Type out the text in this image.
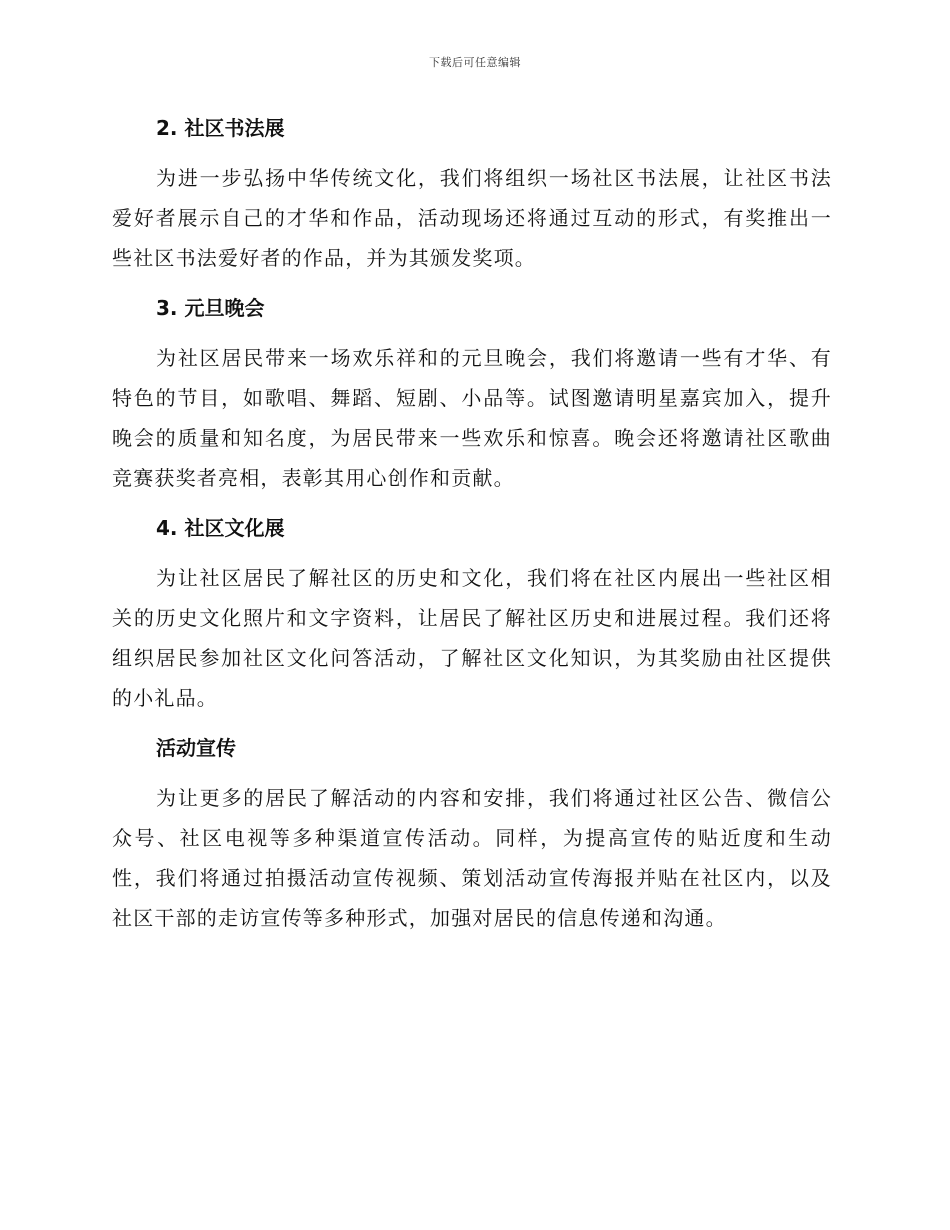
下载后可任意编辑
2. 社区书法展

为进一步弘扬中华传统文化，我们将组织一场社区书法展，让社区书法爱好者展示自己的才华和作品，活动现场还将通过互动的形式，有奖推出一些社区书法爱好者的作品，并为其颁发奖项。

3. 元旦晚会

为社区居民带来一场欢乐祥和的元旦晚会，我们将邀请一些有才华、有特色的节目，如歌唱、舞蹈、短剧、小品等。试图邀请明星嘉宾加入，提升晚会的质量和知名度，为居民带来一些欢乐和惊喜。晚会还将邀请社区歌曲竞赛获奖者亮相，表彰其用心创作和贡献。

4. 社区文化展

为让社区居民了解社区的历史和文化，我们将在社区内展出一些社区相关的历史文化照片和文字资料，让居民了解社区历史和进展过程。我们还将组织居民参加社区文化问答活动，了解社区文化知识，为其奖励由社区提供的小礼品。

活动宣传

为让更多的居民了解活动的内容和安排，我们将通过社区公告、微信公众号、社区电视等多种渠道宣传活动。同样，为提高宣传的贴近度和生动性，我们将通过拍摄活动宣传视频、策划活动宣传海报并贴在社区内，以及社区干部的走访宣传等多种形式，加强对居民的信息传递和沟通。
